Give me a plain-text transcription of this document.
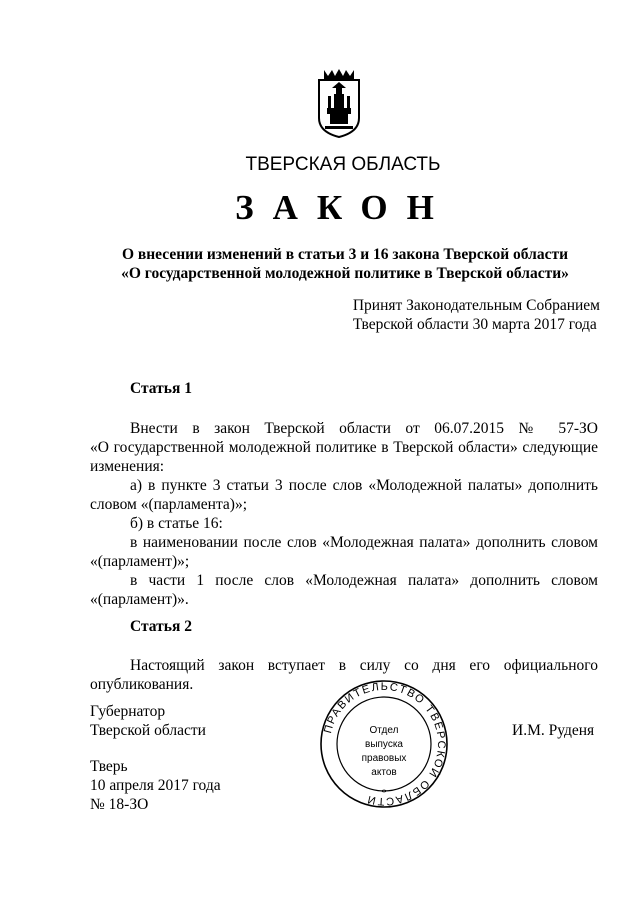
ТВЕРСКАЯ ОБЛАСТЬ
ЗАКОН
О внесении изменений в статьи 3 и 16 закона Тверской области
«О государственной молодежной политике в Тверской области»
Принят Законодательным Собранием
Тверской области 30 марта 2017 года
Статья 1
Внести в закон Тверской области от 06.07.2015 № 57-ЗО
«О государственной молодежной политике в Тверской области» следующие
изменения:
а) в пункте 3 статьи 3 после слов «Молодежной палаты» дополнить
словом «(парламента)»;
б) в статье 16:
в наименовании после слов «Молодежная палата» дополнить словом
«(парламент)»;
в части 1 после слов «Молодежная палата» дополнить словом
«(парламент)».
Статья 2
Настоящий закон вступает в силу со дня его официального
опубликования.
Губернатор
Тверской области	И.М. Руденя
Тверь
10 апреля 2017 года
№ 18-ЗО
ПРАВИТЕЛЬСТВО ТВЕРСКОЙ ОБЛАСТИ *
Отдел
выпуска
правовых
актов
